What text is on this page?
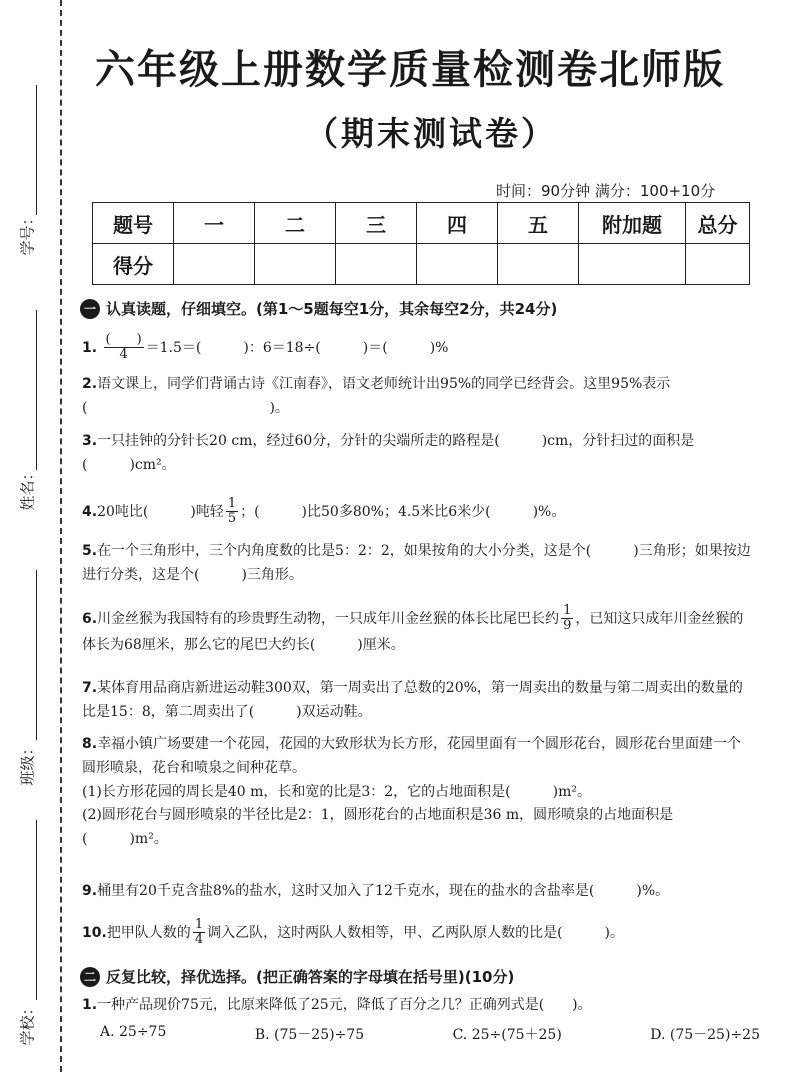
学号：
姓名：
班级：
学校：
六年级上册数学质量检测卷北师版
（期末测试卷）
时间：90分钟 满分：100+10分
题号	一	二	三	四	五	附加题	总分
得分							
一 认真读题，仔细填空。(第1～5题每空1分，其余每空2分，共24分)
1. $\frac{( )}{4} =1.5=$(　　　)：6＝18÷(　　　)＝(　　　)%
2.语文课上，同学们背诵古诗《江南春》，语文老师统计出95%的同学已经背会。这里95%表示(　　　　　　　　　　　　　)。
3.一只挂钟的分针长20 cm，经过60分，分针的尖端所走的路程是(　　　)cm，分针扫过的面积是(　　　)cm²。
4.20吨比(　　　)吨轻 $\frac{1}{5}$ ；(　　　)比50多80%；4.5米比6米少(　　　)%。
5.在一个三角形中，三个内角度数的比是5：2：2，如果按角的大小分类，这是个(　　　)三角形；如果按边进行分类，这是个(　　　)三角形。
6.川金丝猴为我国特有的珍贵野生动物，一只成年川金丝猴的体长比尾巴长约 $\frac{1}{9}$ ，已知这只成年川金丝猴的体长为68厘米，那么它的尾巴大约长(　　　)厘米。
7.某体育用品商店新进运动鞋300双，第一周卖出了总数的20%，第一周卖出的数量与第二周卖出的数量的比是15：8，第二周卖出了(　　　)双运动鞋。
8.幸福小镇广场要建一个花园，花园的大致形状为长方形，花园里面有一个圆形花台，圆形花台里面建一个圆形喷泉，花台和喷泉之间种花草。
(1)长方形花园的周长是40 m，长和宽的比是3：2，它的占地面积是(　　　)m²。
(2)圆形花台与圆形喷泉的半径比是2：1，圆形花台的占地面积是36 m，圆形喷泉的占地面积是(　　　)m²。
9.桶里有20千克含盐8%的盐水，这时又加入了12千克水，现在的盐水的含盐率是(　　　)%。
10.把甲队人数的 $\frac{1}{4}$ 调入乙队，这时两队人数相等，甲、乙两队原人数的比是(　　　)。
二 反复比较，择优选择。(把正确答案的字母填在括号里)(10分)
1.一种产品现价75元，比原来降低了25元，降低了百分之几？正确列式是(　　)。
A. 25÷75	B. (75－25)÷75	C. 25÷(75＋25)	D. (75－25)÷25
